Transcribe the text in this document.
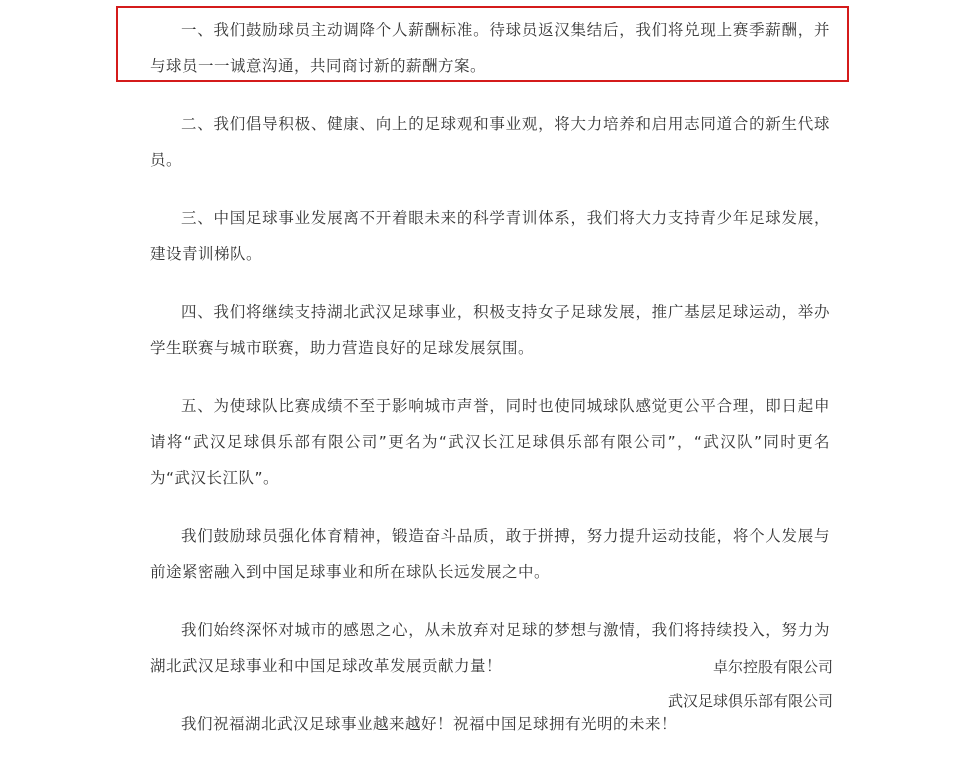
一、我们鼓励球员主动调降个人薪酬标准。待球员返汉集结后，我们将兑现上赛季薪酬，并与球员一一诚意沟通，共同商讨新的薪酬方案。

二、我们倡导积极、健康、向上的足球观和事业观，将大力培养和启用志同道合的新生代球员。

三、中国足球事业发展离不开着眼未来的科学青训体系，我们将大力支持青少年足球发展，建设青训梯队。

四、我们将继续支持湖北武汉足球事业，积极支持女子足球发展，推广基层足球运动，举办学生联赛与城市联赛，助力营造良好的足球发展氛围。

五、为使球队比赛成绩不至于影响城市声誉，同时也使同城球队感觉更公平合理，即日起申请将“武汉足球俱乐部有限公司”更名为“武汉长江足球俱乐部有限公司”，“武汉队”同时更名为“武汉长江队”。

我们鼓励球员强化体育精神，锻造奋斗品质，敢于拼搏，努力提升运动技能，将个人发展与前途紧密融入到中国足球事业和所在球队长远发展之中。

我们始终深怀对城市的感恩之心，从未放弃对足球的梦想与激情，我们将持续投入，努力为湖北武汉足球事业和中国足球改革发展贡献力量！

我们祝福湖北武汉足球事业越来越好！祝福中国足球拥有光明的未来！

卓尔控股有限公司
武汉足球俱乐部有限公司
